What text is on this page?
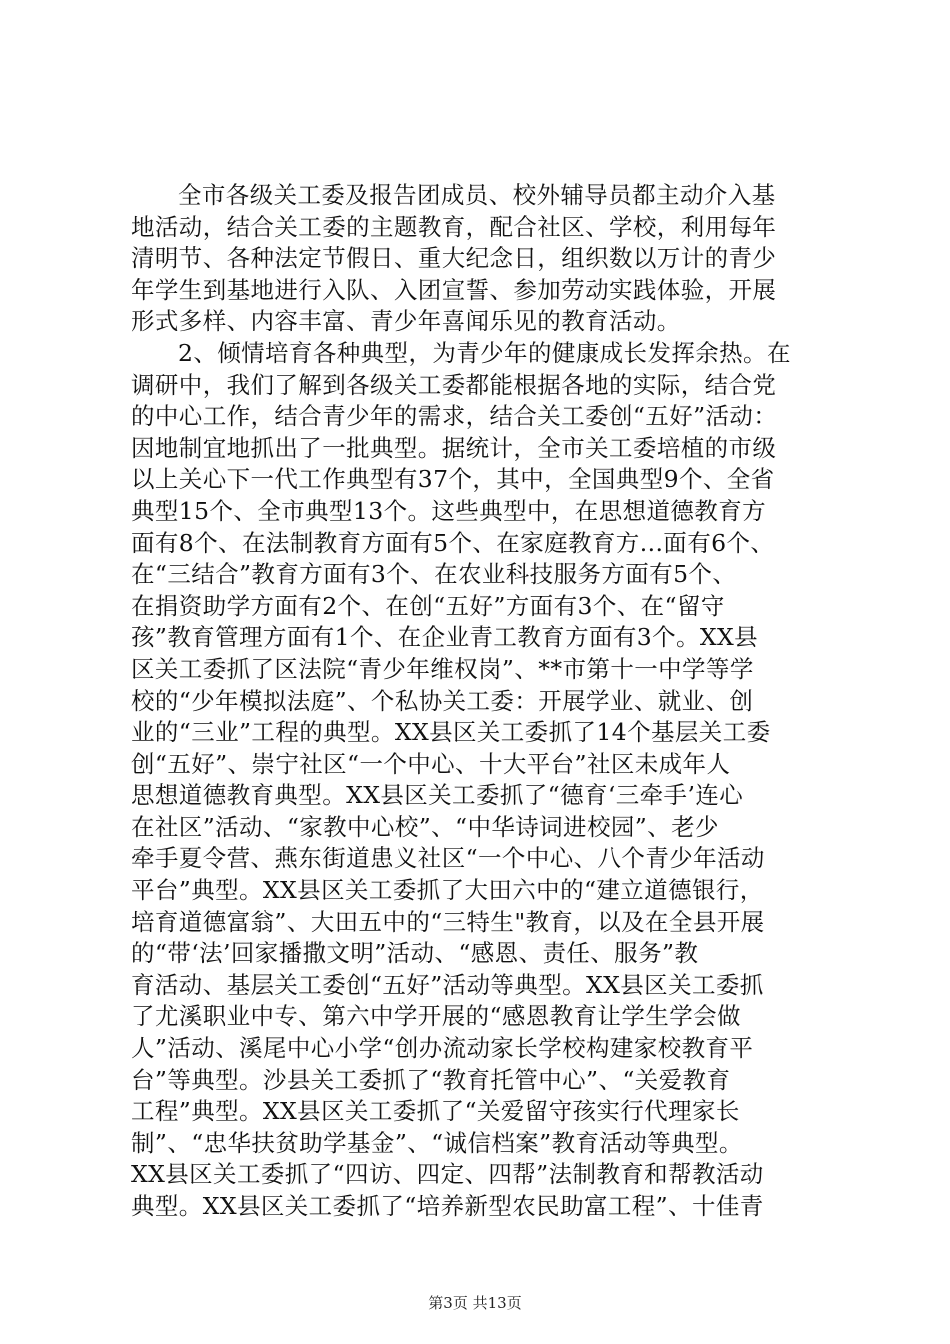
全市各级关工委及报告团成员、校外辅导员都主动介入基
地活动，结合关工委的主题教育，配合社区、学校，利用每年
清明节、各种法定节假日、重大纪念日，组织数以万计的青少
年学生到基地进行入队、入团宣誓、参加劳动实践体验，开展
形式多样、内容丰富、青少年喜闻乐见的教育活动。
2、倾情培育各种典型，为青少年的健康成长发挥余热。在
调研中，我们了解到各级关工委都能根据各地的实际，结合党
的中心工作，结合青少年的需求，结合关工委创“五好”活动：
因地制宜地抓出了一批典型。据统计，全市关工委培植的市级
以上关心下一代工作典型有37个，其中，全国典型9个、全省
典型15个、全市典型13个。这些典型中，在思想道德教育方
面有8个、在法制教育方面有5个、在家庭教育方...面有6个、
在“三结合”教育方面有3个、在农业科技服务方面有5个、
在捐资助学方面有2个、在创“五好”方面有3个、在“留守
孩”教育管理方面有1个、在企业青工教育方面有3个。XX县
区关工委抓了区法院“青少年维权岗”、**市第十一中学等学
校的“少年模拟法庭”、个私协关工委：开展学业、就业、创
业的“三业”工程的典型。XX县区关工委抓了14个基层关工委
创“五好”、崇宁社区“一个中心、十大平台”社区未成年人
思想道德教育典型。XX县区关工委抓了“德育‘三牵手’连心
在社区”活动、“家教中心校”、“中华诗词进校园”、老少
牵手夏令营、燕东街道患义社区“一个中心、八个青少年活动
平台”典型。XX县区关工委抓了大田六中的“建立道德银行，
培育道德富翁”、大田五中的“三特生"教育，以及在全县开展
的“带‘法’回家播撒文明”活动、“感恩、责任、服务”教
育活动、基层关工委创“五好”活动等典型。XX县区关工委抓
了尤溪职业中专、第六中学开展的“感恩教育让学生学会做
人”活动、溪尾中心小学“创办流动家长学校构建家校教育平
台”等典型。沙县关工委抓了“教育托管中心”、“关爱教育
工程”典型。XX县区关工委抓了“关爱留守孩实行代理家长
制”、“忠华扶贫助学基金”、“诚信档案”教育活动等典型。
XX县区关工委抓了“四访、四定、四帮”法制教育和帮教活动
典型。XX县区关工委抓了“培养新型农民助富工程”、十佳青
第3页 共13页
